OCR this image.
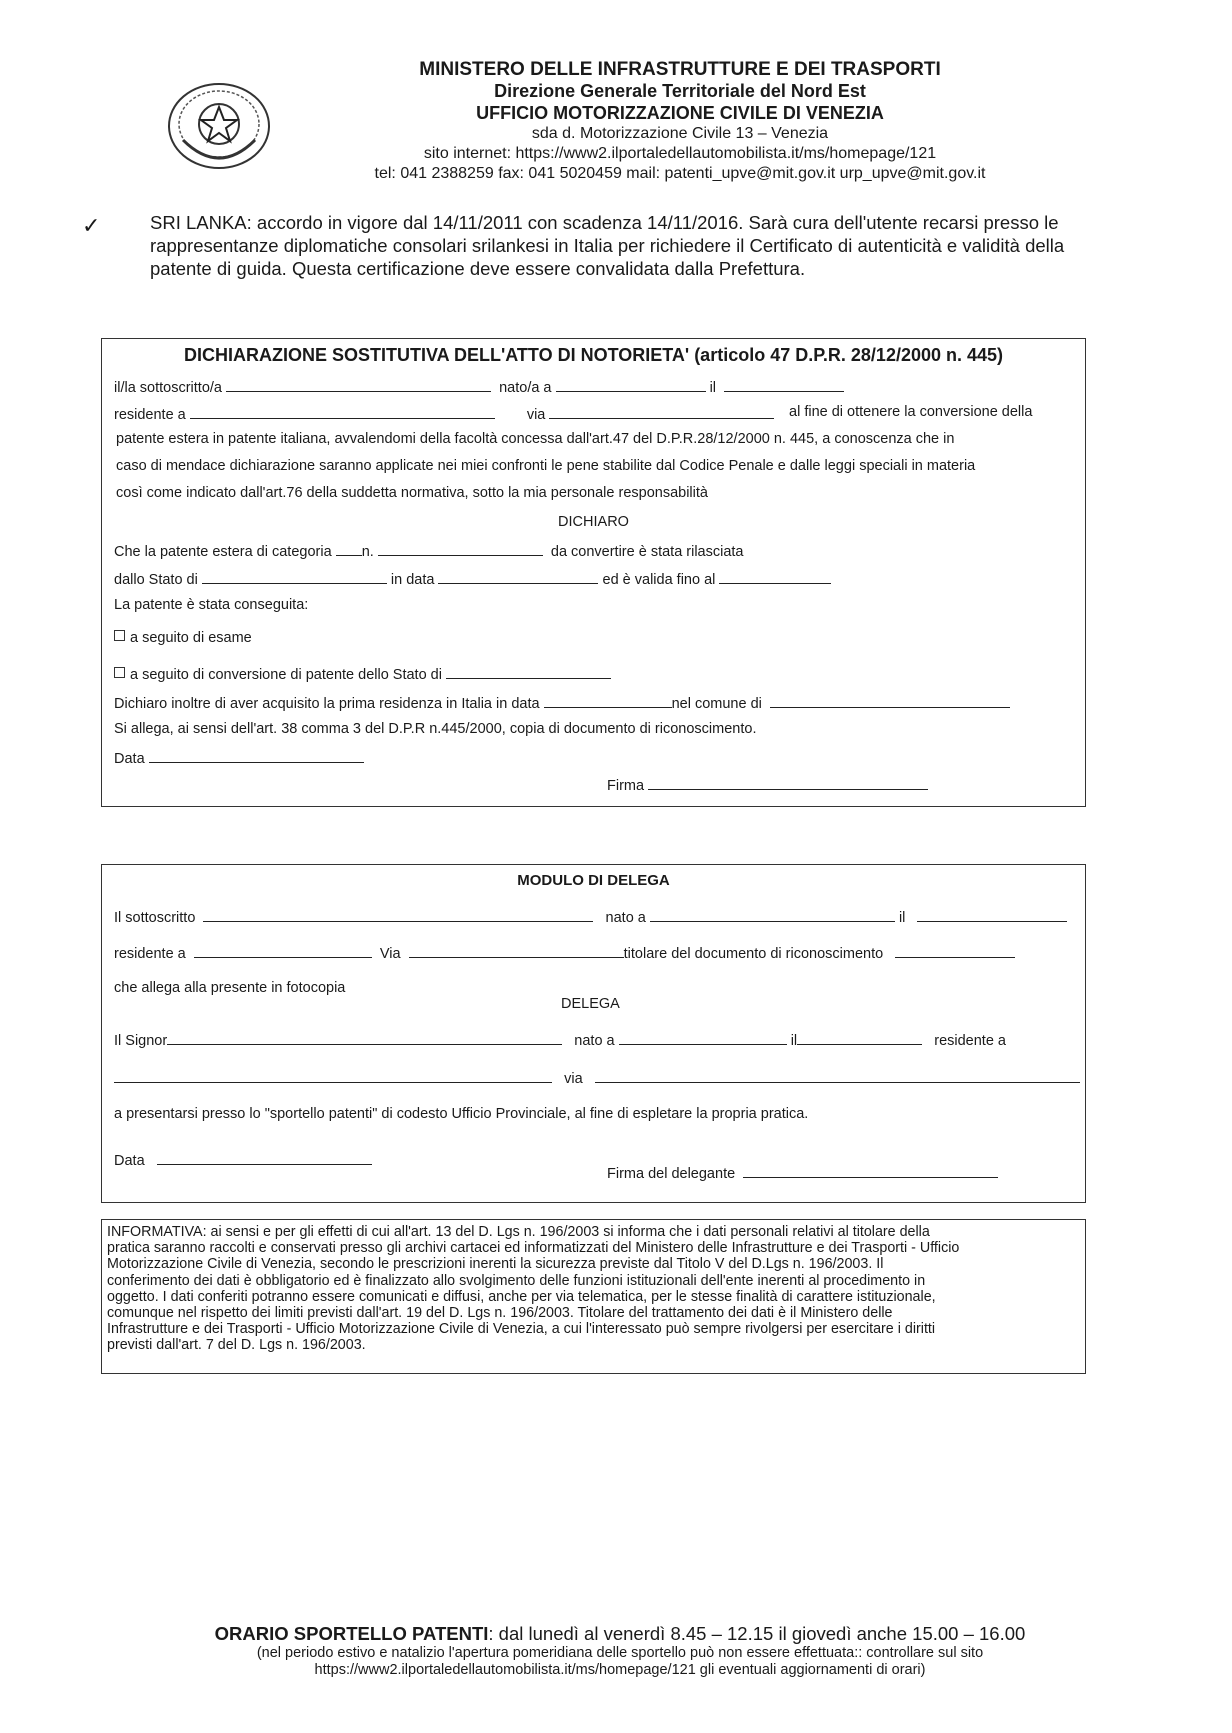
MINISTERO DELLE INFRASTRUTTURE E DEI TRASPORTI
Direzione Generale Territoriale del Nord Est
UFFICIO MOTORIZZAZIONE CIVILE DI VENEZIA
sda d. Motorizzazione Civile 13 – Venezia
sito internet: https://www2.ilportaledellautomobilista.it/ms/homepage/121
tel: 041 2388259 fax: 041 5020459 mail: patenti_upve@mit.gov.it urp_upve@mit.gov.it
✓	SRI LANKA: accordo in vigore dal 14/11/2011 con scadenza 14/11/2016. Sarà cura dell'utente recarsi presso le
rappresentanze diplomatiche consolari srilankesi in Italia per richiedere il Certificato di autenticità e validità della
patente di guida. Questa certificazione deve essere convalidata dalla Prefettura.
DICHIARAZIONE SOSTITUTIVA DELL'ATTO DI NOTORIETA' (articolo 47 D.P.R. 28/12/2000 n. 445)
il/la sottoscritto/a	nato/a a	il
residente a	via	al fine di ottenere la conversione della
patente estera in patente italiana, avvalendomi della facoltà concessa dall'art.47 del D.P.R.28/12/2000 n. 445, a conoscenza che in
caso di mendace dichiarazione saranno applicate nei miei confronti le pene stabilite dal Codice Penale e dalle leggi speciali in materia
così come indicato dall'art.76 della suddetta normativa, sotto la mia personale responsabilità
DICHIARO
Che la patente estera di categoria n.	da convertire è stata rilasciata
dallo Stato di	in data	ed è valida fino al
La patente è stata conseguita:
a seguito di esame
a seguito di conversione di patente dello Stato di
Dichiaro inoltre di aver acquisito la prima residenza in Italia in data	nel comune di
Si allega, ai sensi dell'art. 38 comma 3 del D.P.R n.445/2000, copia di documento di riconoscimento.
Data
Firma
MODULO DI DELEGA
Il sottoscritto	nato a	il
residente a	Via	titolare del documento di riconoscimento
che allega alla presente in fotocopia
DELEGA
Il Signor	nato a	il	residente a
via
a presentarsi presso lo "sportello patenti" di codesto Ufficio Provinciale, al fine di espletare la propria pratica.
Data
Firma del delegante
INFORMATIVA: ai sensi e per gli effetti di cui all'art. 13 del D. Lgs n. 196/2003 si informa che i dati personali relativi al titolare della
pratica saranno raccolti e conservati presso gli archivi cartacei ed informatizzati del Ministero delle Infrastrutture e dei Trasporti - Ufficio
Motorizzazione Civile di Venezia, secondo le prescrizioni inerenti la sicurezza previste dal Titolo V del D.Lgs n. 196/2003. Il
conferimento dei dati è obbligatorio ed è finalizzato allo svolgimento delle funzioni istituzionali dell'ente inerenti al procedimento in
oggetto. I dati conferiti potranno essere comunicati e diffusi, anche per via telematica, per le stesse finalità di carattere istituzionale,
comunque nel rispetto dei limiti previsti dall'art. 19 del D. Lgs n. 196/2003. Titolare del trattamento dei dati è il Ministero delle
Infrastrutture e dei Trasporti - Ufficio Motorizzazione Civile di Venezia, a cui l'interessato può sempre rivolgersi per esercitare i diritti
previsti dall'art. 7 del D. Lgs n. 196/2003.
ORARIO SPORTELLO PATENTI: dal lunedì al venerdì 8.45 – 12.15 il giovedì anche 15.00 – 16.00
(nel periodo estivo e natalizio l'apertura pomeridiana delle sportello può non essere effettuata:: controllare sul sito
https://www2.ilportaledellautomobilista.it/ms/homepage/121 gli eventuali aggiornamenti di orari)
